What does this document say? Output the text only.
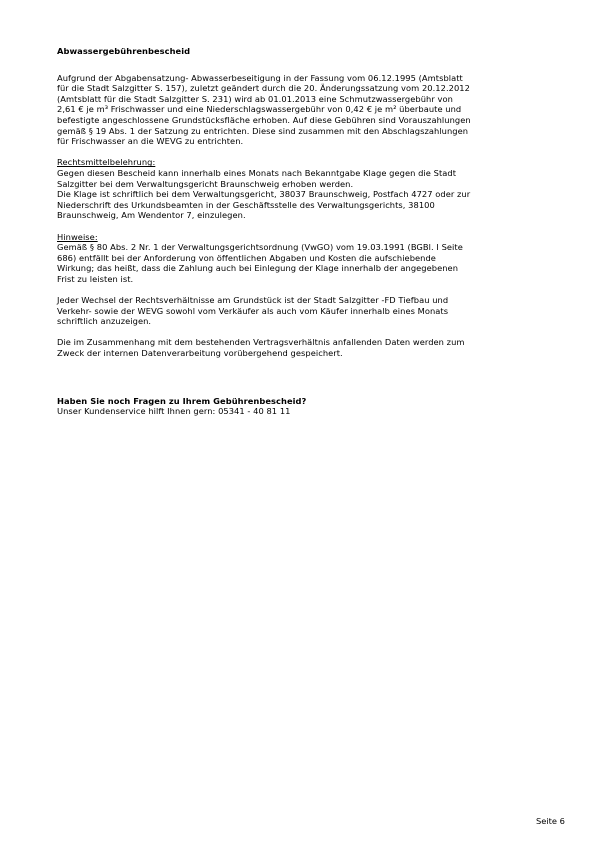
Abwassergebührenbescheid

Aufgrund der Abgabensatzung- Abwasserbeseitigung in der Fassung vom 06.12.1995 (Amtsblatt
für die Stadt Salzgitter S. 157), zuletzt geändert durch die 20. Änderungssatzung vom 20.12.2012
(Amtsblatt für die Stadt Salzgitter S. 231) wird ab 01.01.2013 eine Schmutzwassergebühr von
2,61 € je m³ Frischwasser und eine Niederschlagswassergebühr von 0,42 € je m² überbaute und
befestigte angeschlossene Grundstücksfläche erhoben. Auf diese Gebühren sind Vorauszahlungen
gemäß § 19 Abs. 1 der Satzung zu entrichten. Diese sind zusammen mit den Abschlagszahlungen
für Frischwasser an die WEVG zu entrichten.

Rechtsmittelbelehrung:

Gegen diesen Bescheid kann innerhalb eines Monats nach Bekanntgabe Klage gegen die Stadt
Salzgitter bei dem Verwaltungsgericht Braunschweig erhoben werden.
Die Klage ist schriftlich bei dem Verwaltungsgericht, 38037 Braunschweig, Postfach 4727 oder zur
Niederschrift des Urkundsbeamten in der Geschäftsstelle des Verwaltungsgerichts, 38100
Braunschweig, Am Wendentor 7, einzulegen.

Hinweise:

Gemäß § 80 Abs. 2 Nr. 1 der Verwaltungsgerichtsordnung (VwGO) vom 19.03.1991 (BGBl. I Seite
686) entfällt bei der Anforderung von öffentlichen Abgaben und Kosten die aufschiebende
Wirkung; das heißt, dass die Zahlung auch bei Einlegung der Klage innerhalb der angegebenen
Frist zu leisten ist.

Jeder Wechsel der Rechtsverhältnisse am Grundstück ist der Stadt Salzgitter -FD Tiefbau und
Verkehr- sowie der WEVG sowohl vom Verkäufer als auch vom Käufer innerhalb eines Monats
schriftlich anzuzeigen.

Die im Zusammenhang mit dem bestehenden Vertragsverhältnis anfallenden Daten werden zum
Zweck der internen Datenverarbeitung vorübergehend gespeichert.

Haben Sie noch Fragen zu Ihrem Gebührenbescheid?

Unser Kundenservice hilft Ihnen gern: 05341 - 40 81 11

Seite 6
